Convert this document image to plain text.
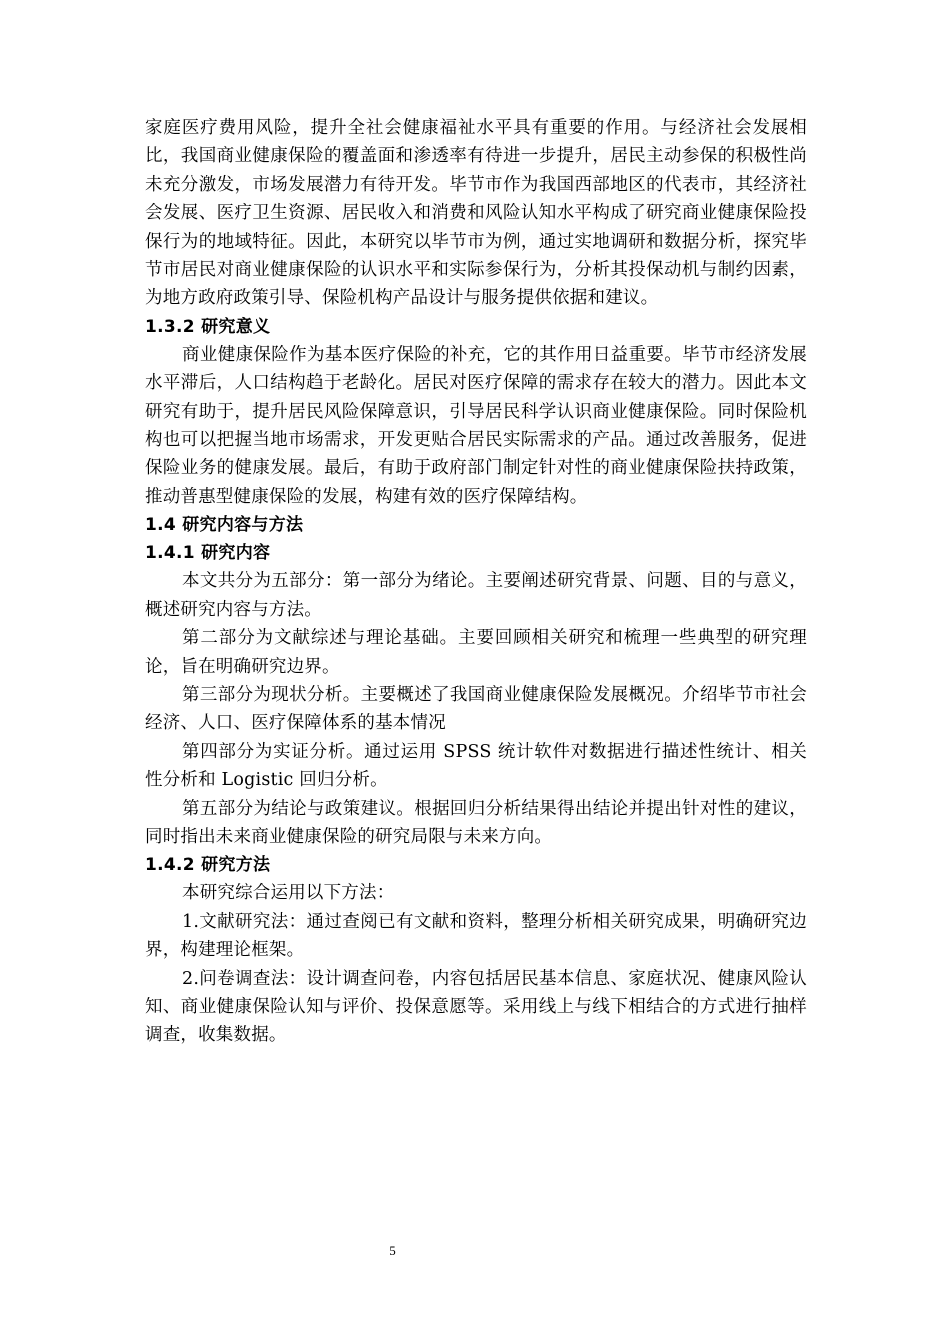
家庭医疗费用风险，提升全社会健康福祉水平具有重要的作用。与经济社会发展相比，我国商业健康保险的覆盖面和渗透率有待进一步提升，居民主动参保的积极性尚未充分激发，市场发展潜力有待开发。毕节市作为我国西部地区的代表市，其经济社会发展、医疗卫生资源、居民收入和消费和风险认知水平构成了研究商业健康保险投保行为的地域特征。因此，本研究以毕节市为例，通过实地调研和数据分析，探究毕节市居民对商业健康保险的认识水平和实际参保行为，分析其投保动机与制约因素，为地方政府政策引导、保险机构产品设计与服务提供依据和建议。

1.3.2 研究意义

商业健康保险作为基本医疗保险的补充，它的其作用日益重要。毕节市经济发展水平滞后，人口结构趋于老龄化。居民对医疗保障的需求存在较大的潜力。因此本文研究有助于，提升居民风险保障意识，引导居民科学认识商业健康保险。同时保险机构也可以把握当地市场需求，开发更贴合居民实际需求的产品。通过改善服务，促进保险业务的健康发展。最后，有助于政府部门制定针对性的商业健康保险扶持政策，推动普惠型健康保险的发展，构建有效的医疗保障结构。

1.4 研究内容与方法
1.4.1 研究内容

本文共分为五部分：第一部分为绪论。主要阐述研究背景、问题、目的与意义，概述研究内容与方法。

第二部分为文献综述与理论基础。主要回顾相关研究和梳理一些典型的研究理论，旨在明确研究边界。

第三部分为现状分析。主要概述了我国商业健康保险发展概况。介绍毕节市社会经济、人口、医疗保障体系的基本情况

第四部分为实证分析。通过运用 SPSS 统计软件对数据进行描述性统计、相关性分析和 Logistic 回归分析。

第五部分为结论与政策建议。根据回归分析结果得出结论并提出针对性的建议，同时指出未来商业健康保险的研究局限与未来方向。

1.4.2 研究方法

本研究综合运用以下方法：

1.文献研究法：通过查阅已有文献和资料，整理分析相关研究成果，明确研究边界，构建理论框架。

2.问卷调查法：设计调查问卷，内容包括居民基本信息、家庭状况、健康风险认知、商业健康保险认知与评价、投保意愿等。采用线上与线下相结合的方式进行抽样调查，收集数据。

5
